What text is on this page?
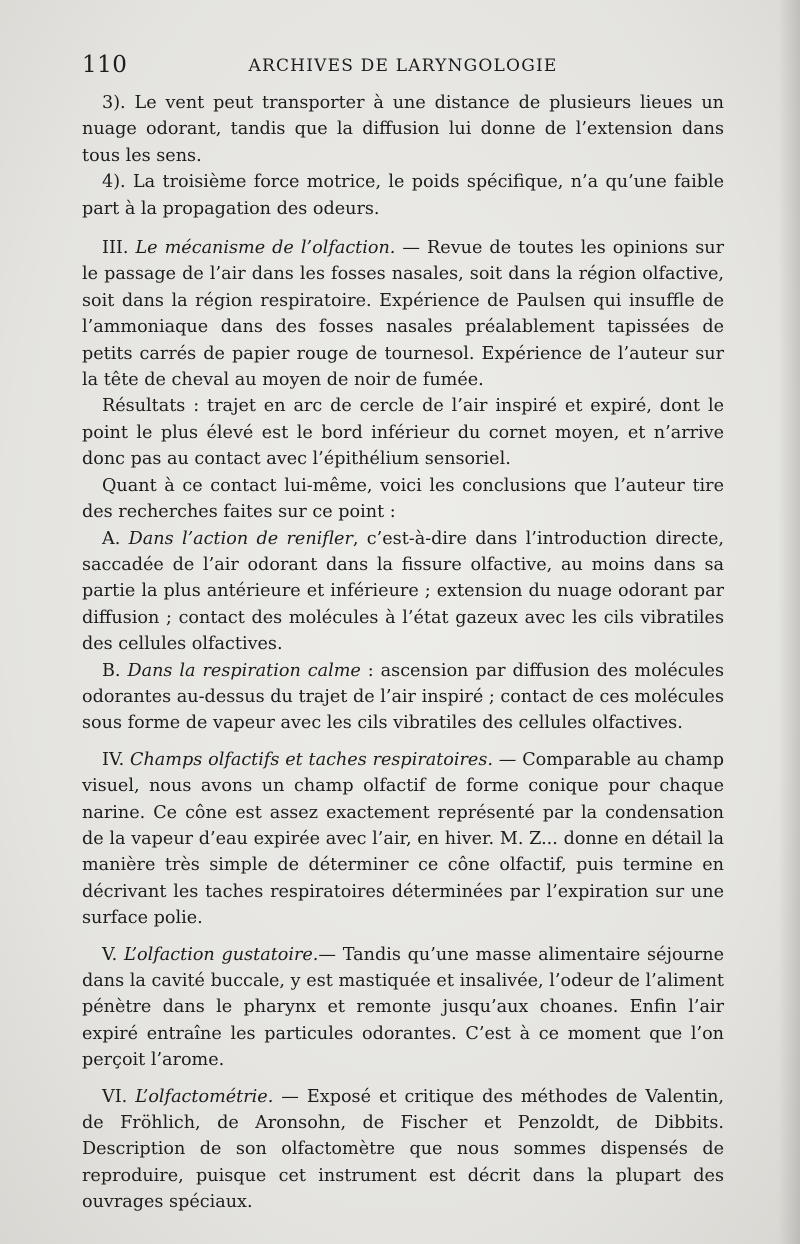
110	ARCHIVES DE LARYNGOLOGIE

3). Le vent peut transporter à une distance de plusieurs lieues un nuage odorant, tandis que la diffusion lui donne de l’extension dans tous les sens.

4). La troisième force motrice, le poids spécifique, n’a qu’une faible part à la propagation des odeurs.

III. Le mécanisme de l’olfaction. — Revue de toutes les opinions sur le passage de l’air dans les fosses nasales, soit dans la région olfactive, soit dans la région respiratoire. Expérience de Paulsen qui insuffle de l’ammoniaque dans des fosses nasales préalablement tapissées de petits carrés de papier rouge de tournesol. Expérience de l’auteur sur la tête de cheval au moyen de noir de fumée.

Résultats : trajet en arc de cercle de l’air inspiré et expiré, dont le point le plus élevé est le bord inférieur du cornet moyen, et n’arrive donc pas au contact avec l’épithélium sensoriel.

Quant à ce contact lui-même, voici les conclusions que l’auteur tire des recherches faites sur ce point :

A. Dans l’action de renifler, c’est-à-dire dans l’introduction directe, saccadée de l’air odorant dans la fissure olfactive, au moins dans sa partie la plus antérieure et inférieure ; extension du nuage odorant par diffusion ; contact des molécules à l’état gazeux avec les cils vibratiles des cellules olfactives.

B. Dans la respiration calme : ascension par diffusion des molécules odorantes au-dessus du trajet de l’air inspiré ; contact de ces molécules sous forme de vapeur avec les cils vibratiles des cellules olfactives.

IV. Champs olfactifs et taches respiratoires. — Comparable au champ visuel, nous avons un champ olfactif de forme conique pour chaque narine. Ce cône est assez exactement représenté par la condensation de la vapeur d’eau expirée avec l’air, en hiver. M. Z... donne en détail la manière très simple de déterminer ce cône olfactif, puis termine en décrivant les taches respiratoires déterminées par l’expiration sur une surface polie.

V. L’olfaction gustatoire.— Tandis qu’une masse alimentaire séjourne dans la cavité buccale, y est mastiquée et insalivée, l’odeur de l’aliment pénètre dans le pharynx et remonte jusqu’aux choanes. Enfin l’air expiré entraîne les particules odorantes. C’est à ce moment que l’on perçoit l’arome.

VI. L’olfactométrie. — Exposé et critique des méthodes de Valentin, de Fröhlich, de Aronsohn, de Fischer et Penzoldt, de Dibbits. Description de son olfactomètre que nous sommes dispensés de reproduire, puisque cet instrument est décrit dans la plupart des ouvrages spéciaux.
